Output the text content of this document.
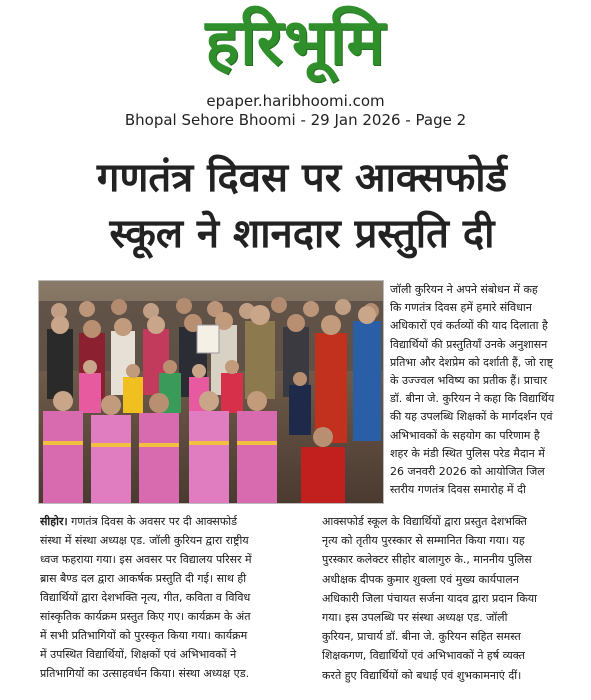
हरिभूमि
epaper.haribhoomi.com
Bhopal Sehore Bhoomi - 29 Jan 2026 - Page 2
गणतंत्र दिवस पर आक्सफोर्ड
स्कूल ने शानदार प्रस्तुति दी
जॉली कुरियन ने अपने संबोधन में कह
कि गणतंत्र दिवस हमें हमारे संविधान
अधिकारों एवं कर्तव्यों की याद दिलाता है
विद्यार्थियों की प्रस्तुतियाँ उनके अनुशासन
प्रतिभा और देशप्रेम को दर्शाती हैं, जो राष्ट्
के उज्ज्वल भविष्य का प्रतीक हैं। प्राचार
डॉ. बीना जे. कुरियन ने कहा कि विद्यार्थिय
की यह उपलब्धि शिक्षकों के मार्गदर्शन एवं
अभिभावकों के सहयोग का परिणाम है
शहर के मंडी स्थित पुलिस परेड मैदान में
26 जनवरी 2026 को आयोजित जिल
स्तरीय गणतंत्र दिवस समारोह में दी
सीहोर। गणतंत्र दिवस के अवसर पर दी आक्सफोर्ड
संस्था में संस्था अध्यक्ष एड. जॉली कुरियन द्वारा राष्ट्रीय
ध्वज फहराया गया। इस अवसर पर विद्यालय परिसर में
ब्रास बैण्ड दल द्वारा आकर्षक प्रस्तुति दी गई। साथ ही
विद्यार्थियों द्वारा देशभक्ति नृत्य, गीत, कविता व विविध
सांस्कृतिक कार्यक्रम प्रस्तुत किए गए। कार्यक्रम के अंत
में सभी प्रतिभागियों को पुरस्कृत किया गया। कार्यक्रम
में उपस्थित विद्यार्थियों, शिक्षकों एवं अभिभावकों ने
प्रतिभागियों का उत्साहवर्धन किया। संस्था अध्यक्ष एड.
आक्सफोर्ड स्कूल के विद्यार्थियों द्वारा प्रस्तुत देशभक्ति
नृत्य को तृतीय पुरस्कार से सम्मानित किया गया। यह
पुरस्कार कलेक्टर सीहोर बालागुरु के., माननीय पुलिस
अधीक्षक दीपक कुमार शुक्ला एवं मुख्य कार्यपालन
अधिकारी जिला पंचायत सर्जना यादव द्वारा प्रदान किया
गया। इस उपलब्धि पर संस्था अध्यक्ष एड. जॉली
कुरियन, प्राचार्य डॉ. बीना जे. कुरियन सहित समस्त
शिक्षकगण, विद्यार्थियों एवं अभिभावकों ने हर्ष व्यक्त
करते हुए विद्यार्थियों को बधाई एवं शुभकामनाएं दीं।
